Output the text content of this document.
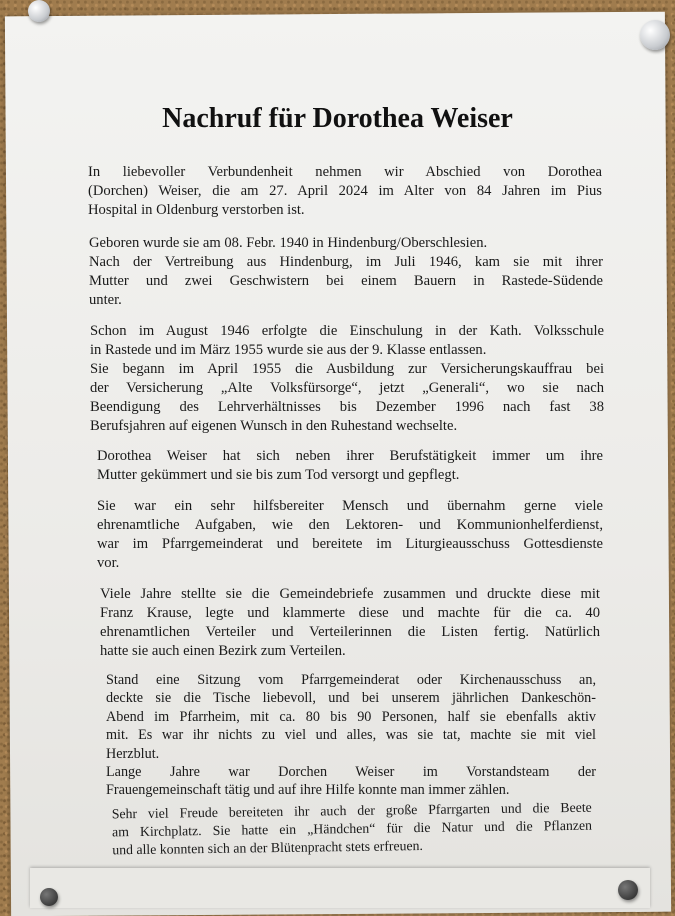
Nachruf für Dorothea Weiser
In liebevoller Verbundenheit nehmen wir Abschied von Dorothea
(Dorchen) Weiser, die am 27. April 2024 im Alter von 84 Jahren im Pius
Hospital in Oldenburg verstorben ist.
Geboren wurde sie am 08. Febr. 1940 in Hindenburg/Oberschlesien.
Nach der Vertreibung aus Hindenburg, im Juli 1946, kam sie mit ihrer
Mutter und zwei Geschwistern bei einem Bauern in Rastede-Südende
unter.
Schon im August 1946 erfolgte die Einschulung in der Kath. Volksschule
in Rastede und im März 1955 wurde sie aus der 9. Klasse entlassen.
Sie begann im April 1955 die Ausbildung zur Versicherungskauffrau bei
der Versicherung „Alte Volksfürsorge“, jetzt „Generali“, wo sie nach
Beendigung des Lehrverhältnisses bis Dezember 1996 nach fast 38
Berufsjahren auf eigenen Wunsch in den Ruhestand wechselte.
Dorothea Weiser hat sich neben ihrer Berufstätigkeit immer um ihre
Mutter gekümmert und sie bis zum Tod versorgt und gepflegt.
Sie war ein sehr hilfsbereiter Mensch und übernahm gerne viele
ehrenamtliche Aufgaben, wie den Lektoren- und Kommunionhelferdienst,
war im Pfarrgemeinderat und bereitete im Liturgieausschuss Gottesdienste
vor.
Viele Jahre stellte sie die Gemeindebriefe zusammen und druckte diese mit
Franz Krause, legte und klammerte diese und machte für die ca. 40
ehrenamtlichen Verteiler und Verteilerinnen die Listen fertig. Natürlich
hatte sie auch einen Bezirk zum Verteilen.
Stand eine Sitzung vom Pfarrgemeinderat oder Kirchenausschuss an,
deckte sie die Tische liebevoll, und bei unserem jährlichen Dankeschön-
Abend im Pfarrheim, mit ca. 80 bis 90 Personen, half sie ebenfalls aktiv
mit. Es war ihr nichts zu viel und alles, was sie tat, machte sie mit viel
Herzblut.
Lange Jahre war Dorchen Weiser im Vorstandsteam der
Frauengemeinschaft tätig und auf ihre Hilfe konnte man immer zählen.
Sehr viel Freude bereiteten ihr auch der große Pfarrgarten und die Beete
am Kirchplatz. Sie hatte ein „Händchen“ für die Natur und die Pflanzen
und alle konnten sich an der Blütenpracht stets erfreuen.
